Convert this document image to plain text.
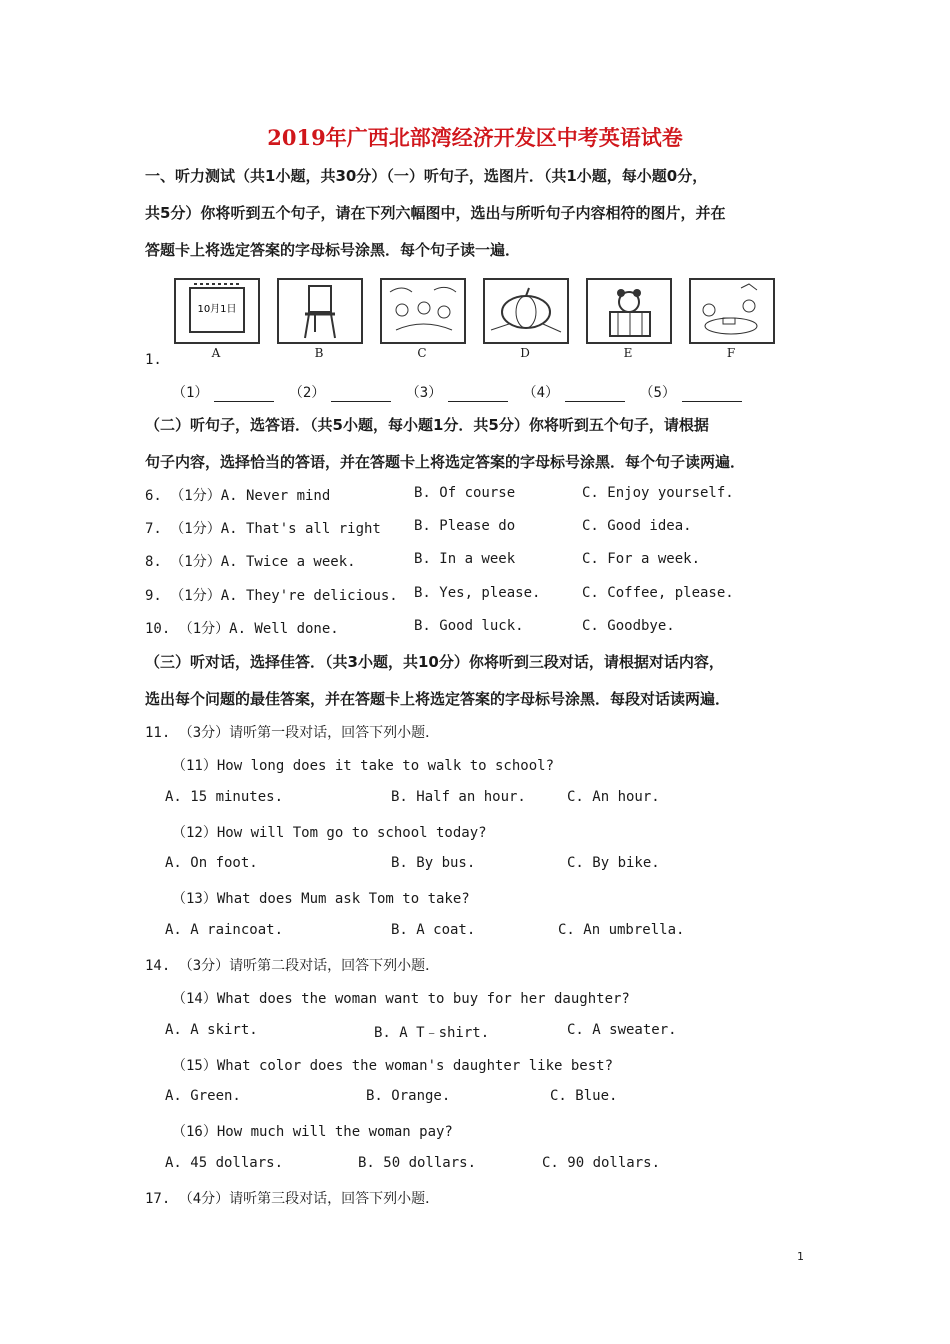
2019年广西北部湾经济开发区中考英语试卷
一、听力测试（共1小题，共30分）（一）听句子，选图片．（共1小题，每小题0分，
共5分）你将听到五个句子，请在下列六幅图中，选出与所听句子内容相符的图片，并在
答题卡上将选定答案的字母标号涂黑．每个句子读一遍．
10月1日
A	B	C	D	E	F
1.
（1）	（2）	（3）	（4）	（5）
（二）听句子，选答语．（共5小题，每小题1分．共5分）你将听到五个句子，请根据
句子内容，选择恰当的答语，并在答题卡上将选定答案的字母标号涂黑．每个句子读两遍．
6. （1分）A. Never mind	B. Of course	C. Enjoy yourself.
7. （1分）A. That's all right B. Please do	C. Good idea.
8. （1分）A. Twice a week.	B. In a week	C. For a week.
9. （1分）A. They're delicious. B. Yes, please.	C. Coffee, please.
10. （1分）A. Well done.	B. Good luck.	C. Goodbye.
（三）听对话，选择佳答．（共3小题，共10分）你将听到三段对话，请根据对话内容，
选出每个问题的最佳答案，并在答题卡上将选定答案的字母标号涂黑．每段对话读两遍．
11. （3分）请听第一段对话，回答下列小题．
（11）How long does it take to walk to school?
A. 15 minutes.	B. Half an hour.	C. An hour.
（12）How will Tom go to school today?
A. On foot.	B. By bus.	C. By bike.
（13）What does Mum ask Tom to take?
A. A raincoat.	B. A coat.	C. An umbrella.
14. （3分）请听第二段对话，回答下列小题．
（14）What does the woman want to buy for her daughter?
A. A skirt.	B. A T﹣shirt.	C. A sweater.
（15）What color does the woman's daughter like best?
A. Green.	B. Orange.	C. Blue.
（16）How much will the woman pay?
A. 45 dollars.	B. 50 dollars.	C. 90 dollars.
17. （4分）请听第三段对话，回答下列小题．
1
